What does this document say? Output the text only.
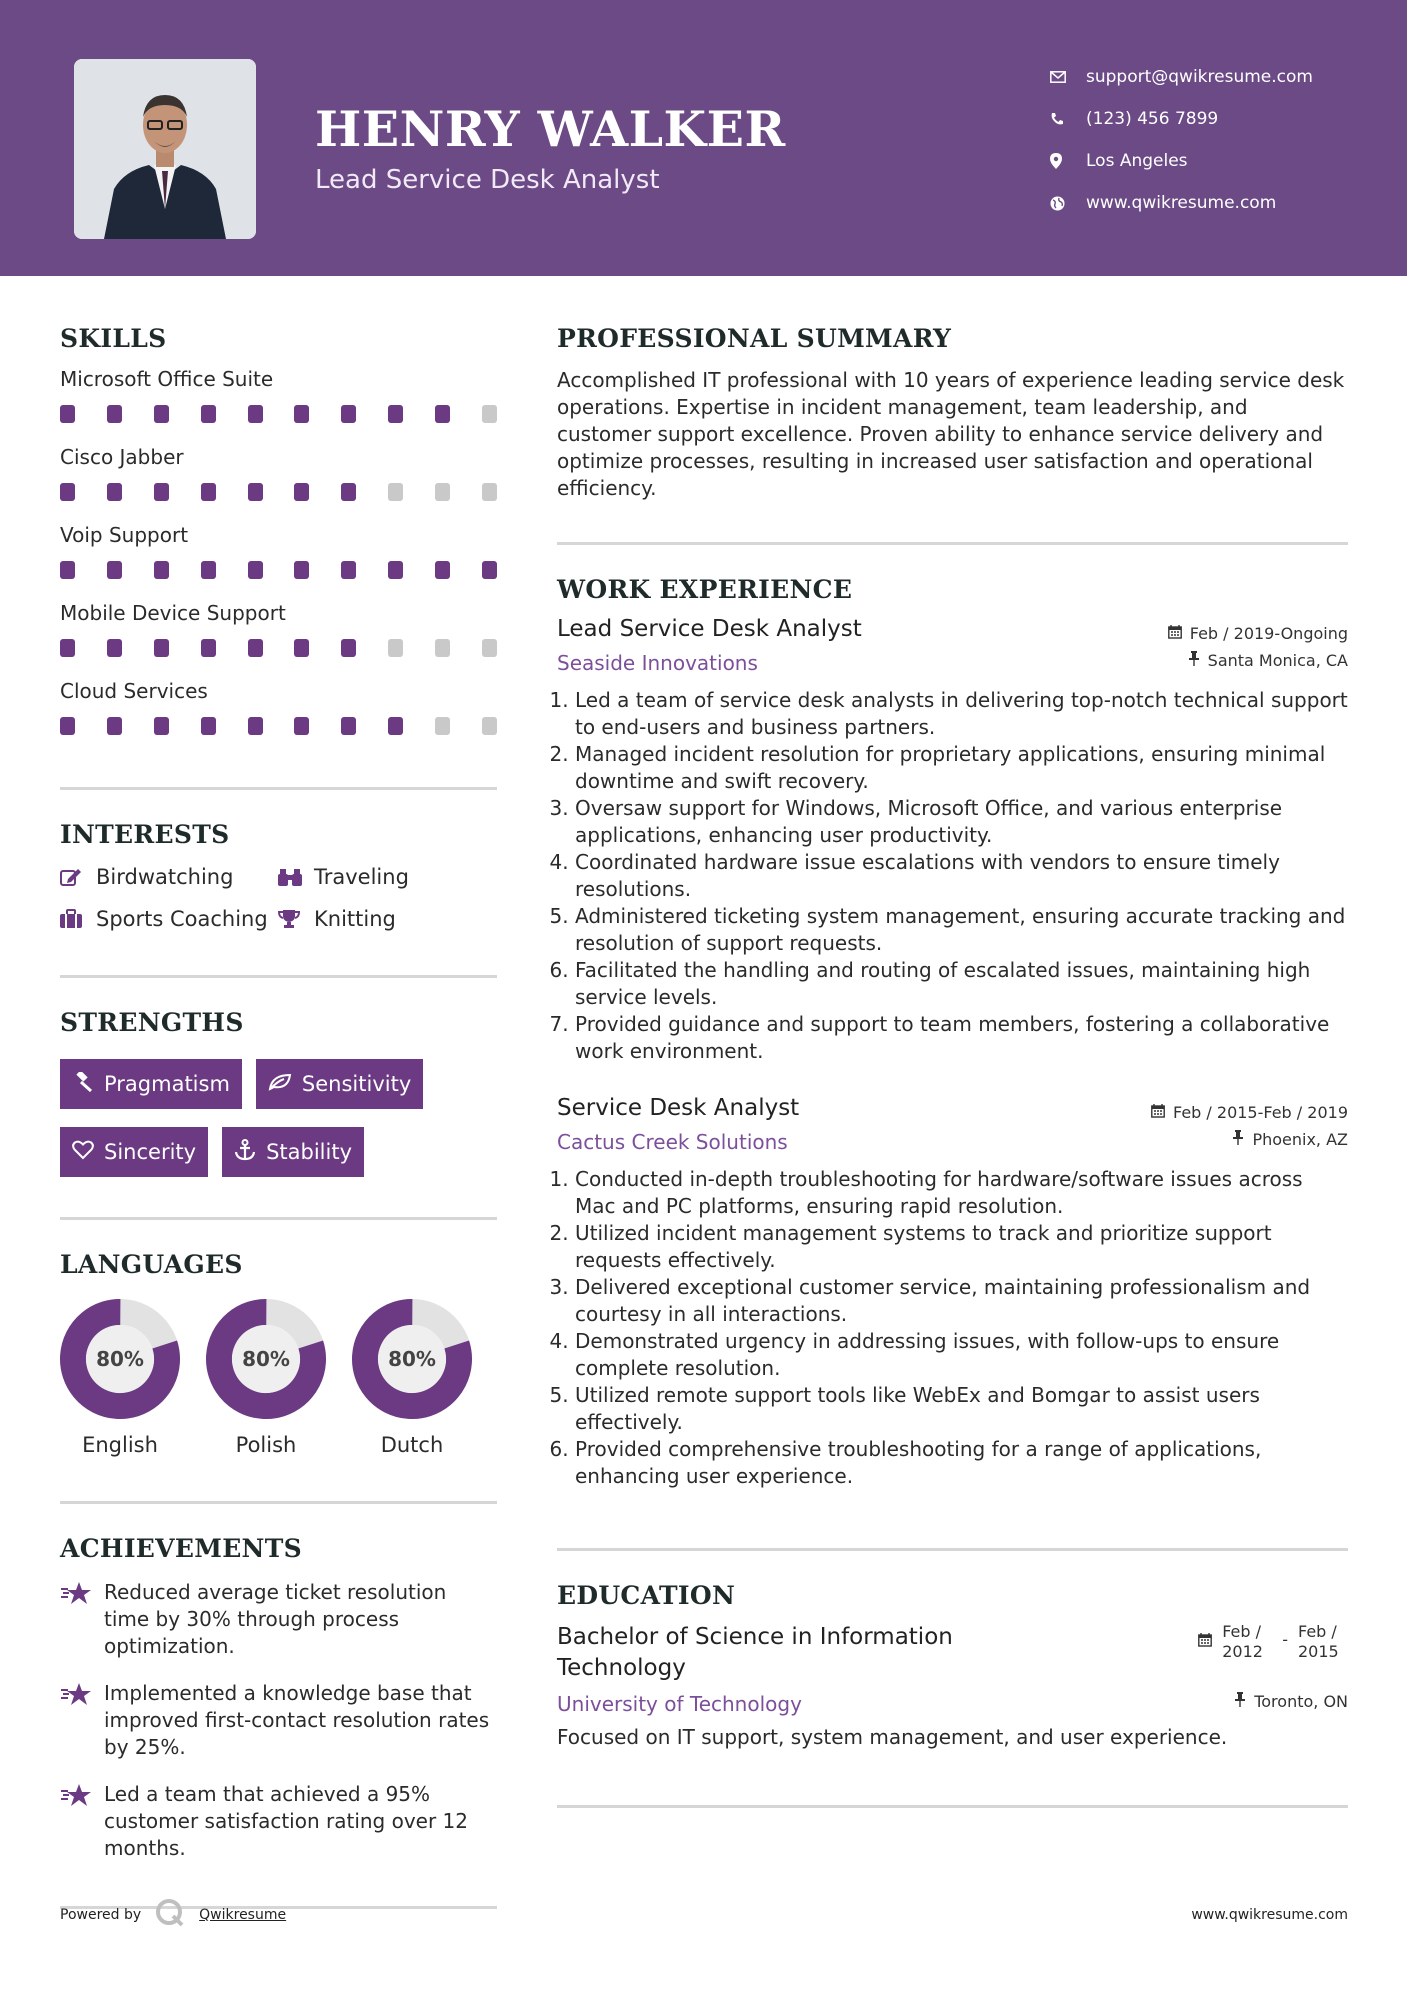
HENRY WALKER
Lead Service Desk Analyst
support@qwikresume.com
(123) 456 7899
Los Angeles
www.qwikresume.com
SKILLS
Microsoft Office Suite
Cisco Jabber
Voip Support
Mobile Device Support
Cloud Services
INTERESTS
Birdwatching	Traveling
Sports Coaching Knitting
STRENGTHS
Pragmatism	Sensitivity
Sincerity	Stability
LANGUAGES
80%
English
80%
Polish
80%
Dutch
ACHIEVEMENTS
Reduced average ticket resolution time by 30% through process optimization.
Implemented a knowledge base that improved first-contact resolution rates by 25%.
Led a team that achieved a 95% customer satisfaction rating over 12 months.
PROFESSIONAL SUMMARY
Accomplished IT professional with 10 years of experience leading service desk operations. Expertise in incident management, team leadership, and customer support excellence. Proven ability to enhance service delivery and optimize processes, resulting in increased user satisfaction and operational efficiency.
WORK EXPERIENCE
Lead Service Desk Analyst	Feb / 2019-Ongoing
Seaside Innovations	Santa Monica, CA
1. Led a team of service desk analysts in delivering top-notch technical support to end-users and business partners.
2. Managed incident resolution for proprietary applications, ensuring minimal downtime and swift recovery.
3. Oversaw support for Windows, Microsoft Office, and various enterprise applications, enhancing user productivity.
4. Coordinated hardware issue escalations with vendors to ensure timely resolutions.
5. Administered ticketing system management, ensuring accurate tracking and resolution of support requests.
6. Facilitated the handling and routing of escalated issues, maintaining high service levels.
7. Provided guidance and support to team members, fostering a collaborative work environment.
Service Desk Analyst	Feb / 2015-Feb / 2019
Cactus Creek Solutions	Phoenix, AZ
1. Conducted in-depth troubleshooting for hardware/software issues across Mac and PC platforms, ensuring rapid resolution.
2. Utilized incident management systems to track and prioritize support requests effectively.
3. Delivered exceptional customer service, maintaining professionalism and courtesy in all interactions.
4. Demonstrated urgency in addressing issues, with follow-ups to ensure complete resolution.
5. Utilized remote support tools like WebEx and Bomgar to assist users effectively.
6. Provided comprehensive troubleshooting for a range of applications, enhancing user experience.
EDUCATION
Bachelor of Science in Information Technology
Feb / 2012
- Feb / 2015
University of Technology	Toronto, ON
Focused on IT support, system management, and user experience.
Powered by	Qwikresume	www.qwikresume.com
